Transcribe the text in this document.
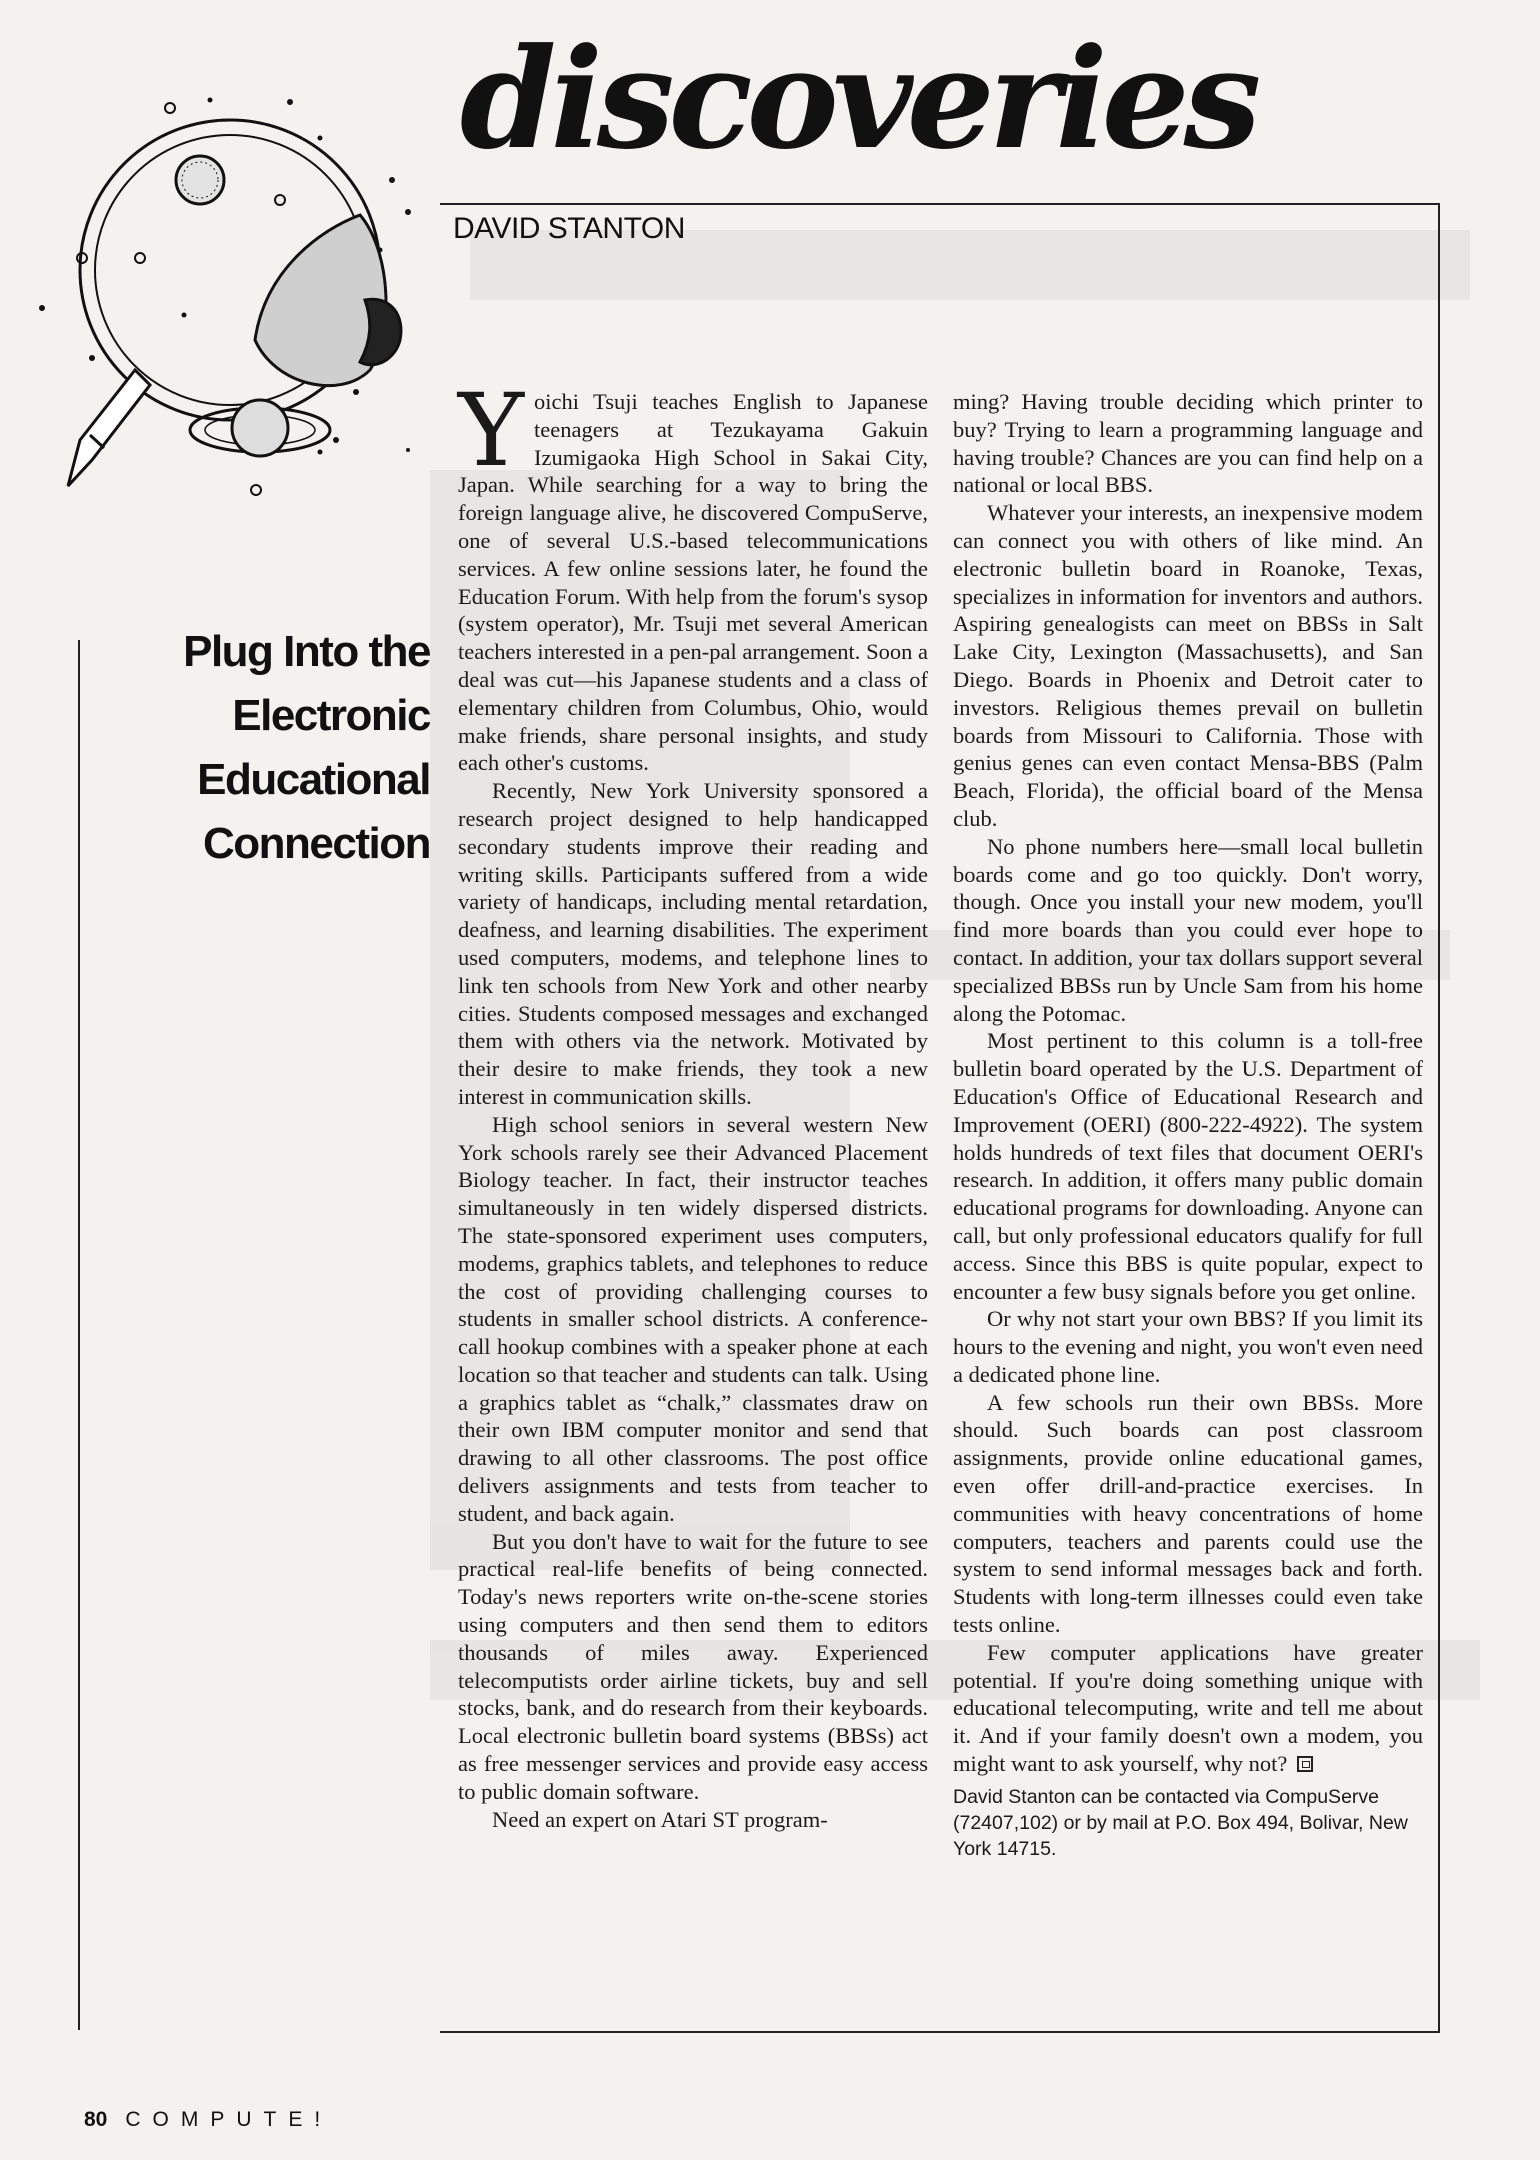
discoveries
DAVID STANTON
Plug Into the
Electronic
Educational
Connection

Yoichi Tsuji teaches English to Japanese teenagers at Tezukayama Gakuin Izumigaoka High School in Sakai City, Japan. While searching for a way to bring the foreign language alive, he discovered CompuServe, one of several U.S.-based telecommunications services. A few online sessions later, he found the Education Forum. With help from the forum's sysop (system operator), Mr. Tsuji met several American teachers interested in a pen-pal arrangement. Soon a deal was cut—his Japanese students and a class of elementary children from Columbus, Ohio, would make friends, share personal insights, and study each other's customs.

Recently, New York University sponsored a research project designed to help handicapped secondary students improve their reading and writing skills. Participants suffered from a wide variety of handicaps, including mental retardation, deafness, and learning disabilities. The experiment used computers, modems, and telephone lines to link ten schools from New York and other nearby cities. Students composed messages and exchanged them with others via the network. Motivated by their desire to make friends, they took a new interest in communication skills.

High school seniors in several western New York schools rarely see their Advanced Placement Biology teacher. In fact, their instructor teaches simultaneously in ten widely dispersed districts. The state-sponsored experiment uses computers, modems, graphics tablets, and telephones to reduce the cost of providing challenging courses to students in smaller school districts. A conference-call hookup combines with a speaker phone at each location so that teacher and students can talk. Using a graphics tablet as “chalk,” classmates draw on their own IBM computer monitor and send that drawing to all other classrooms. The post office delivers assignments and tests from teacher to student, and back again.

But you don't have to wait for the future to see practical real-life benefits of being connected. Today's news reporters write on-the-scene stories using computers and then send them to editors thousands of miles away. Experienced telecomputists order airline tickets, buy and sell stocks, bank, and do research from their keyboards. Local electronic bulletin board systems (BBSs) act as free messenger services and provide easy access to public domain software.

Need an expert on Atari ST program-

ming? Having trouble deciding which printer to buy? Trying to learn a programming language and having trouble? Chances are you can find help on a national or local BBS.

Whatever your interests, an inexpensive modem can connect you with others of like mind. An electronic bulletin board in Roanoke, Texas, specializes in information for inventors and authors. Aspiring genealogists can meet on BBSs in Salt Lake City, Lexington (Massachusetts), and San Diego. Boards in Phoenix and Detroit cater to investors. Religious themes prevail on bulletin boards from Missouri to California. Those with genius genes can even contact Mensa-BBS (Palm Beach, Florida), the official board of the Mensa club.

No phone numbers here—small local bulletin boards come and go too quickly. Don't worry, though. Once you install your new modem, you'll find more boards than you could ever hope to contact. In addition, your tax dollars support several specialized BBSs run by Uncle Sam from his home along the Potomac.

Most pertinent to this column is a toll-free bulletin board operated by the U.S. Department of Education's Office of Educational Research and Improvement (OERI) (800-222-4922). The system holds hundreds of text files that document OERI's research. In addition, it offers many public domain educational programs for downloading. Anyone can call, but only professional educators qualify for full access. Since this BBS is quite popular, expect to encounter a few busy signals before you get online.

Or why not start your own BBS? If you limit its hours to the evening and night, you won't even need a dedicated phone line.

A few schools run their own BBSs. More should. Such boards can post classroom assignments, provide online educational games, even offer drill-and-practice exercises. In communities with heavy concentrations of home computers, teachers and parents could use the system to send informal messages back and forth. Students with long-term illnesses could even take tests online.

Few computer applications have greater potential. If you're doing something unique with educational telecomputing, write and tell me about it. And if your family doesn't own a modem, you might want to ask yourself, why not?

David Stanton can be contacted via CompuServe (72407,102) or by mail at P.O. Box 494, Bolivar, New York 14715.
80 COMPUTE!
